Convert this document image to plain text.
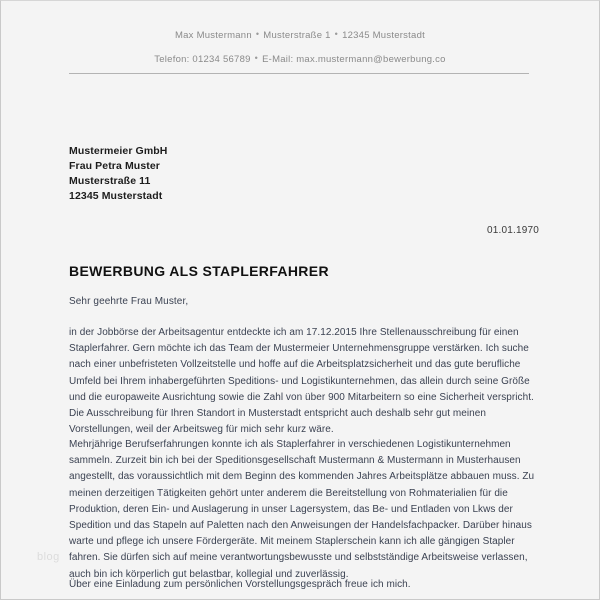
Max Mustermann • Musterstraße 1 • 12345 Musterstadt

Telefon: 01234 56789 • E-Mail: max.mustermann@bewerbung.co

Mustermeier GmbH
Frau Petra Muster
Musterstraße 11
12345 Musterstadt
01.01.1970
BEWERBUNG ALS STAPLERFAHRER
Sehr geehrte Frau Muster,
in der Jobbörse der Arbeitsagentur entdeckte ich am 17.12.2015 Ihre Stellenausschreibung für einen Staplerfahrer. Gern möchte ich das Team der Mustermeier Unternehmensgruppe verstärken. Ich suche nach einer unbefristeten Vollzeitstelle und hoffe auf die Arbeitsplatzsicherheit und das gute berufliche Umfeld bei Ihrem inhabergeführten Speditions- und Logistikunternehmen, das allein durch seine Größe und die europaweite Ausrichtung sowie die Zahl von über 900 Mitarbeitern so eine Sicherheit verspricht. Die Ausschreibung für Ihren Standort in Musterstadt entspricht auch deshalb sehr gut meinen Vorstellungen, weil der Arbeitsweg für mich sehr kurz wäre.
Mehrjährige Berufserfahrungen konnte ich als Staplerfahrer in verschiedenen Logistikunternehmen sammeln. Zurzeit bin ich bei der Speditionsgesellschaft Mustermann & Mustermann in Musterhausen angestellt, das voraussichtlich mit dem Beginn des kommenden Jahres Arbeitsplätze abbauen muss. Zu meinen derzeitigen Tätigkeiten gehört unter anderem die Bereitstellung von Rohmaterialien für die Produktion, deren Ein- und Auslagerung in unser Lagersystem, das Be- und Entladen von Lkws der Spedition und das Stapeln auf Paletten nach den Anweisungen der Handelsfachpacker. Darüber hinaus warte und pflege ich unsere Fördergeräte. Mit meinem Staplerschein kann ich alle gängigen Stapler fahren. Sie dürfen sich auf meine verantwortungsbewusste und selbstständige Arbeitsweise verlassen, auch bin ich körperlich gut belastbar, kollegial und zuverlässig.
Über eine Einladung zum persönlichen Vorstellungsgespräch freue ich mich.
blog
